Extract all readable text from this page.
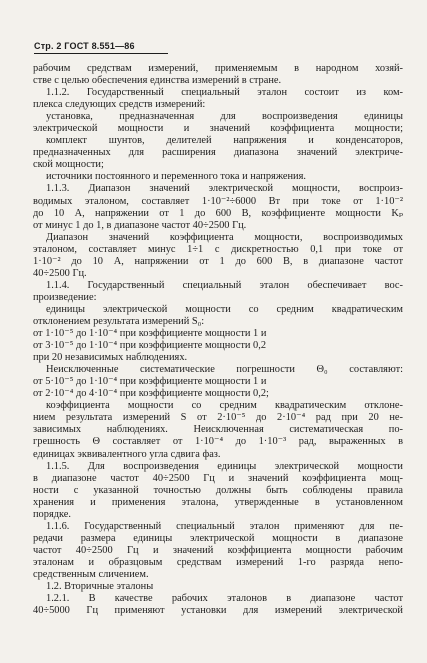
Стр. 2 ГОСТ 8.551—86
рабочим средствам измерений, применяемым в народном хозяй-
стве с целью обеспечения единства измерений в стране.
1.1.2. Государственный специальный эталон состоит из ком-
плекса следующих средств измерений:
установка, предназначенная для воспроизведения единицы
электрической мощности и значений коэффициента мощности;
комплект шунтов, делителей напряжения и конденсаторов,
предназначенных для расширения диапазона значений электриче-
ской мощности;
источники постоянного и переменного тока и напряжения.
1.1.3. Диапазон значений электрической мощности, воспроиз-
водимых эталоном, составляет 1·10⁻²÷6000 Вт при токе от 1·10⁻²
до 10 А, напряжении от 1 до 600 В, коэффициенте мощности Kₚ
от минус 1 до 1, в диапазоне частот 40÷2500 Гц.
Диапазон значений коэффициента мощности, воспроизводимых
эталоном, составляет минус 1÷1 с дискретностью 0,1 при токе от
1·10⁻² до 10 А, напряжении от 1 до 600 В, в диапазоне частот
40÷2500 Гц.
1.1.4. Государственный специальный эталон обеспечивает вос-
произведение:
единицы электрической мощности со средним квадратическим
отклонением результата измерений S₀:
от 1·10⁻⁵ до 1·10⁻⁴ при коэффициенте мощности 1 и
от 3·10⁻⁵ до 1·10⁻⁴ при коэффициенте мощности 0,2
при 20 независимых наблюдениях.
Неисключенные систематические погрешности Θ₀ составляют:
от 5·10⁻⁵ до 1·10⁻⁴ при коэффициенте мощности 1 и
от 2·10⁻⁴ до 4·10⁻⁴ при коэффициенте мощности 0,2;
коэффициента мощности со средним квадратическим отклоне-
нием результата измерений S от 2·10⁻⁵ до 2·10⁻⁴ рад при 20 не-
зависимых наблюдениях. Неисключенная систематическая по-
грешность Θ составляет от 1·10⁻⁴ до 1·10⁻³ рад, выраженных в
единицах эквивалентного угла сдвига фаз.
1.1.5. Для воспроизведения единицы электрической мощности
в диапазоне частот 40÷2500 Гц и значений коэффициента мощ-
ности с указанной точностью должны быть соблюдены правила
хранения и применения эталона, утвержденные в установленном
порядке.
1.1.6. Государственный специальный эталон применяют для пе-
редачи размера единицы электрической мощности в диапазоне
частот 40÷2500 Гц и значений коэффициента мощности рабочим
эталонам и образцовым средствам измерений 1-го разряда непо-
средственным сличением.
1.2. Вторичные эталоны
1.2.1. В качестве рабочих эталонов в диапазоне частот
40÷5000 Гц применяют установки для измерений электрической
